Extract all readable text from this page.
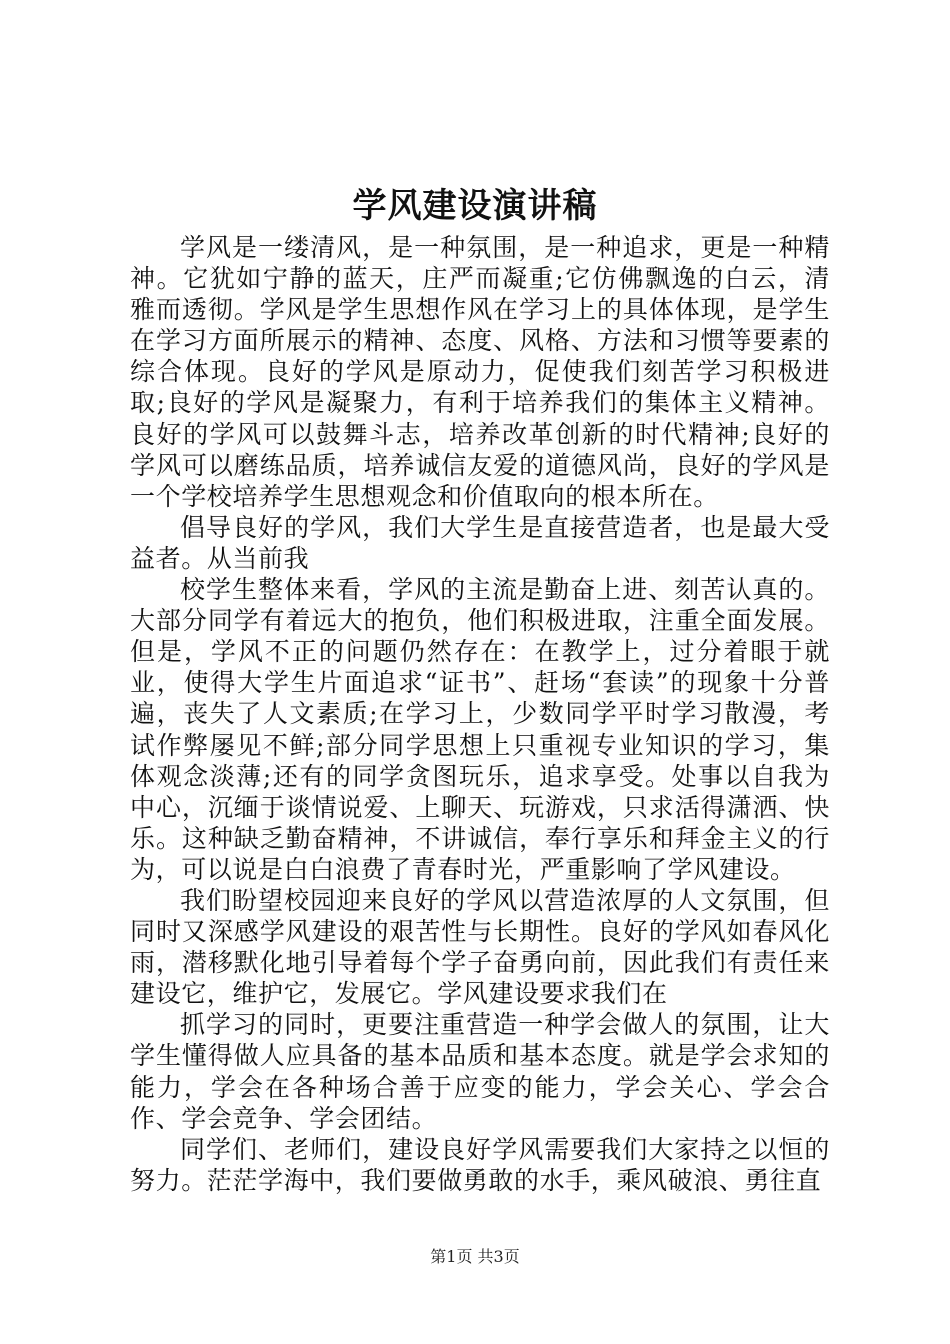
学风建设演讲稿

学风是一缕清风，是一种氛围，是一种追求，更是一种精神。它犹如宁静的蓝天，庄严而凝重;它仿佛飘逸的白云，清雅而透彻。学风是学生思想作风在学习上的具体体现，是学生在学习方面所展示的精神、态度、风格、方法和习惯等要素的综合体现。良好的学风是原动力，促使我们刻苦学习积极进取;良好的学风是凝聚力，有利于培养我们的集体主义精神。良好的学风可以鼓舞斗志，培养改革创新的时代精神;良好的学风可以磨练品质，培养诚信友爱的道德风尚，良好的学风是一个学校培养学生思想观念和价值取向的根本所在。

倡导良好的学风，我们大学生是直接营造者，也是最大受益者。从当前我

校学生整体来看，学风的主流是勤奋上进、刻苦认真的。大部分同学有着远大的抱负，他们积极进取，注重全面发展。但是，学风不正的问题仍然存在：在教学上，过分着眼于就业，使得大学生片面追求“证书”、赶场“套读”的现象十分普遍，丧失了人文素质;在学习上，少数同学平时学习散漫，考试作弊屡见不鲜;部分同学思想上只重视专业知识的学习，集体观念淡薄;还有的同学贪图玩乐，追求享受。处事以自我为中心，沉缅于谈情说爱、上聊天、玩游戏，只求活得潇洒、快乐。这种缺乏勤奋精神，不讲诚信，奉行享乐和拜金主义的行为，可以说是白白浪费了青春时光，严重影响了学风建设。

我们盼望校园迎来良好的学风以营造浓厚的人文氛围，但同时又深感学风建设的艰苦性与长期性。良好的学风如春风化雨，潜移默化地引导着每个学子奋勇向前，因此我们有责任来建设它，维护它，发展它。学风建设要求我们在

抓学习的同时，更要注重营造一种学会做人的氛围，让大学生懂得做人应具备的基本品质和基本态度。就是学会求知的能力，学会在各种场合善于应变的能力，学会关心、学会合作、学会竞争、学会团结。

同学们、老师们，建设良好学风需要我们大家持之以恒的努力。茫茫学海中，我们要做勇敢的水手，乘风破浪、勇往直

第1页 共3页
